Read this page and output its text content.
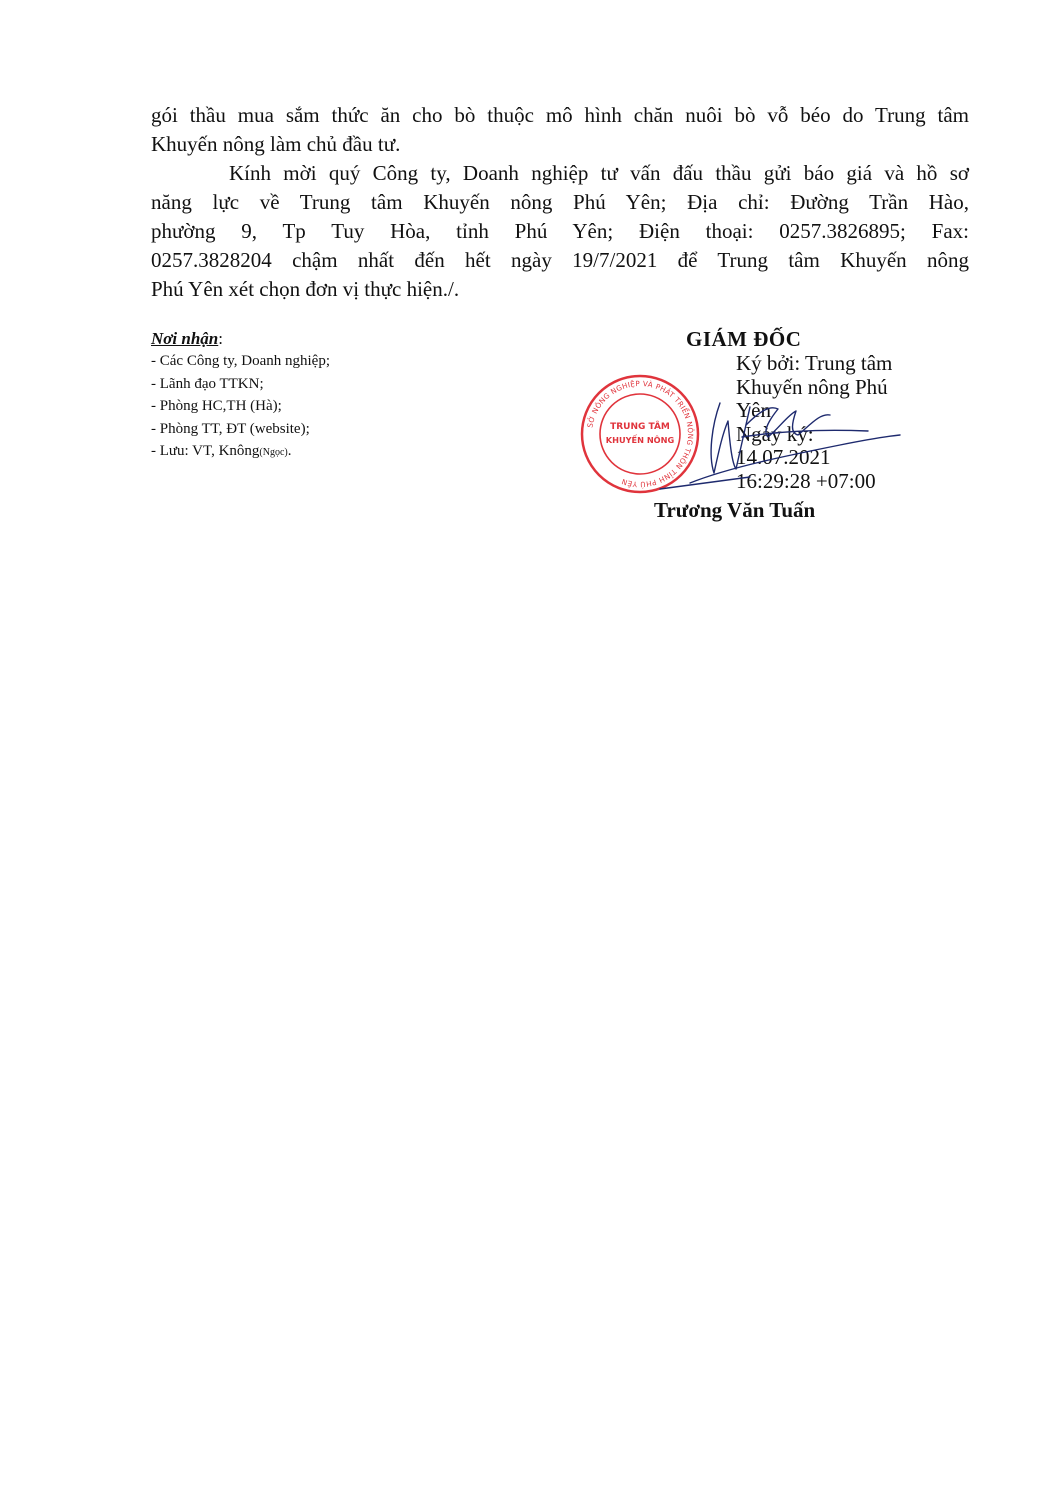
gói thầu mua sắm thức ăn cho bò thuộc mô hình chăn nuôi bò vỗ béo do Trung tâm
Khuyến nông làm chủ đầu tư.
Kính mời quý Công ty, Doanh nghiệp tư vấn đấu thầu gửi báo giá và hồ sơ
năng lực về Trung tâm Khuyến nông Phú Yên; Địa chỉ: Đường Trần Hào,
phường 9, Tp Tuy Hòa, tỉnh Phú Yên; Điện thoại: 0257.3826895; Fax:
0257.3828204 chậm nhất đến hết ngày 19/7/2021 để Trung tâm Khuyến nông
Phú Yên xét chọn đơn vị thực hiện./.
Nơi nhận:
- Các Công ty, Doanh nghiệp;
- Lãnh đạo TTKN;
- Phòng HC,TH (Hà);
- Phòng TT, ĐT (website);
- Lưu: VT, Knông(Ngọc).
SỞ NÔNG NGHIỆP VÀ PHÁT TRIỂN NÔNG THÔN TỈNH PHÚ YÊN
TRUNG TÂM
KHUYẾN NÔNG
GIÁM ĐỐC
Ký bởi: Trung tâm
Khuyến nông Phú
Yên
Ngày ký:
14.07.2021
16:29:28 +07:00
Trương Văn Tuấn
